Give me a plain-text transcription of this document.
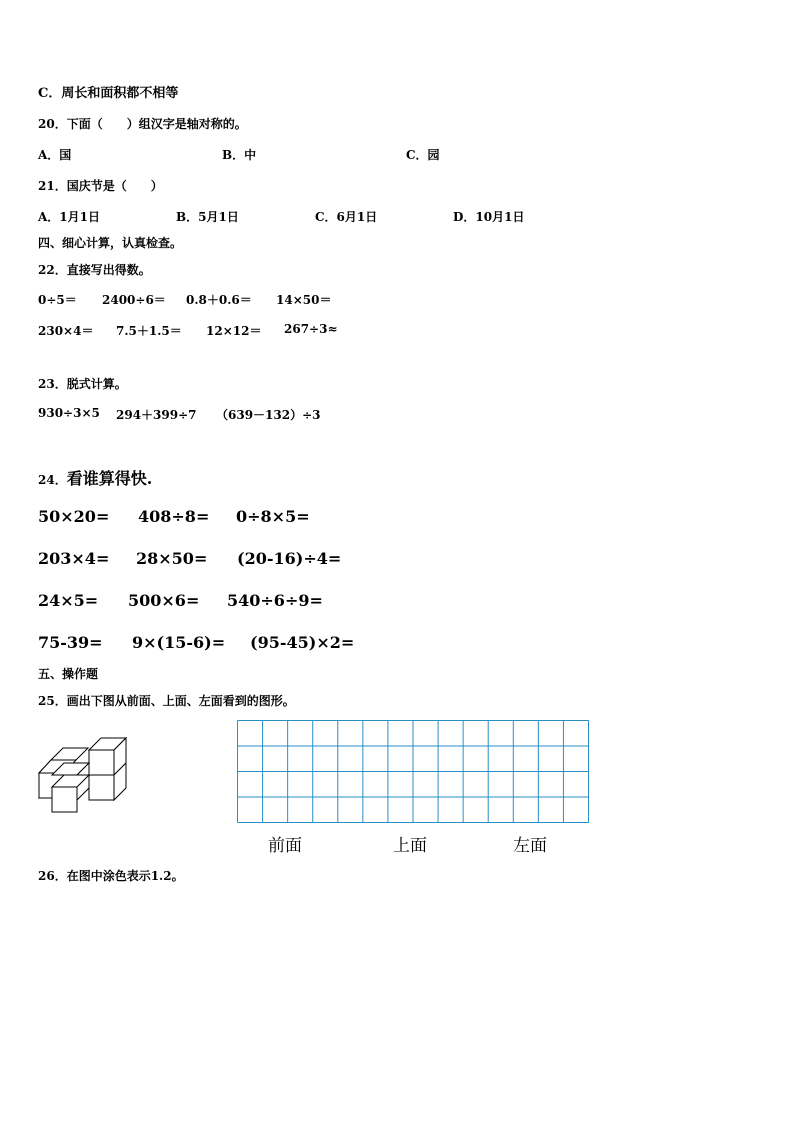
C．周长和面积都不相等
20．下面（　　）组汉字是轴对称的。
A．国	B．中	C．园
21．国庆节是（　　）
A．1月1日	B．5月1日	C．6月1日	D．10月1日
四、细心计算，认真检查。
22．直接写出得数。
0÷5＝ 2400÷6＝ 0.8＋0.6＝ 14×50＝
230×4＝ 7.5＋1.5＝ 12×12＝ 267÷3≈
23．脱式计算。
930÷3×5 294＋399÷7 （639－132）÷3
24．看谁算得快.
50×20= 408÷8= 0÷8×5=
203×4= 28×50= (20-16)÷4=
24×5= 500×6= 540÷6÷9=
75-39= 9×(15-6)= (95-45)×2=
五、操作题
25．画出下图从前面、上面、左面看到的图形。
前面	上面	左面
26．在图中涂色表示1.2。
